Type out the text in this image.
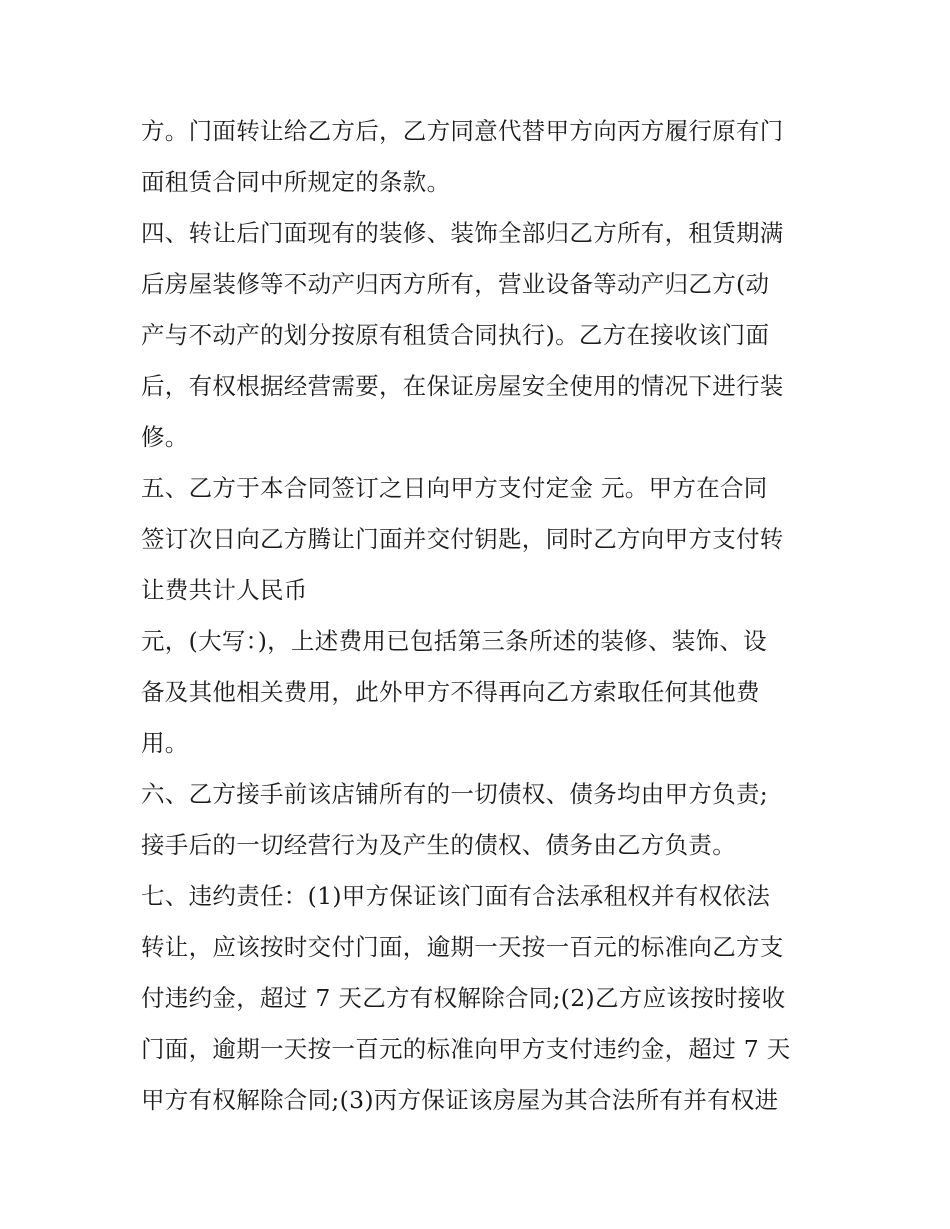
方。门面转让给乙方后，乙方同意代替甲方向丙方履行原有门
面租赁合同中所规定的条款。
四、转让后门面现有的装修、装饰全部归乙方所有，租赁期满
后房屋装修等不动产归丙方所有，营业设备等动产归乙方(动
产与不动产的划分按原有租赁合同执行)。乙方在接收该门面
后，有权根据经营需要，在保证房屋安全使用的情况下进行装
修。
五、乙方于本合同签订之日向甲方支付定金 元。甲方在合同
签订次日向乙方腾让门面并交付钥匙，同时乙方向甲方支付转
让费共计人民币
元，(大写：)，上述费用已包括第三条所述的装修、装饰、设
备及其他相关费用，此外甲方不得再向乙方索取任何其他费
用。
六、乙方接手前该店铺所有的一切债权、债务均由甲方负责;
接手后的一切经营行为及产生的债权、债务由乙方负责。
七、违约责任：(1)甲方保证该门面有合法承租权并有权依法
转让，应该按时交付门面，逾期一天按一百元的标准向乙方支
付违约金，超过 7 天乙方有权解除合同;(2)乙方应该按时接收
门面，逾期一天按一百元的标准向甲方支付违约金，超过 7 天
甲方有权解除合同;(3)丙方保证该房屋为其合法所有并有权进
